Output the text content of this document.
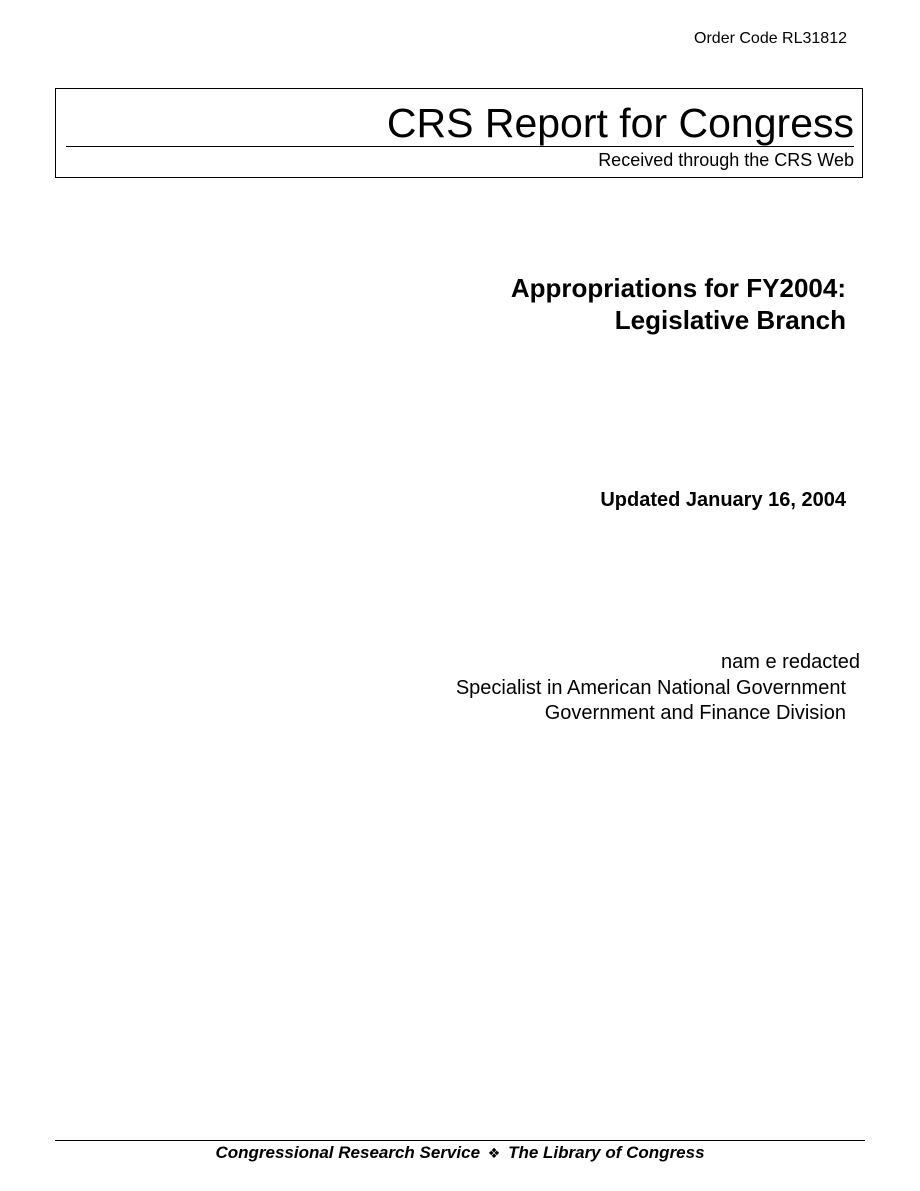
Order Code RL31812
CRS Report for Congress
Received through the CRS Web
Appropriations for FY2004:
Legislative Branch
Updated January 16, 2004
nam e redacted
Specialist in American National Government
Government and Finance Division
Congressional Research Service ❖ The Library of Congress
